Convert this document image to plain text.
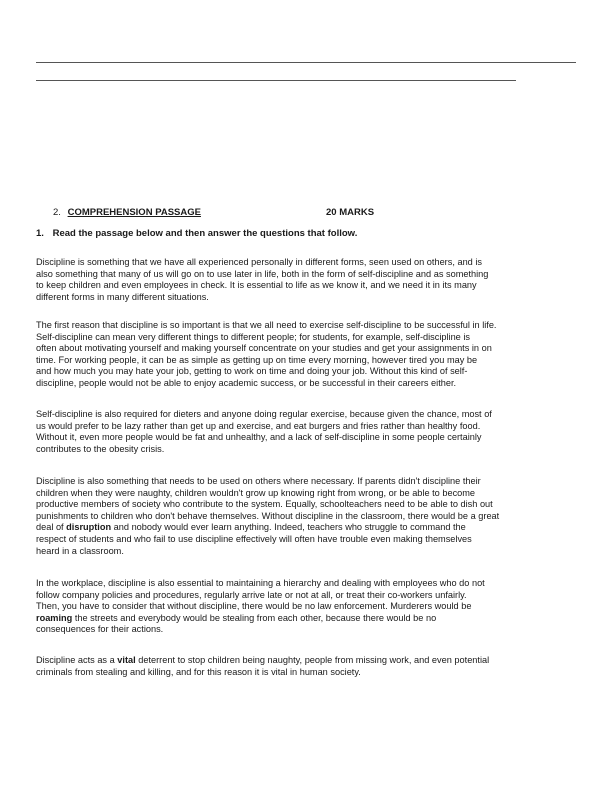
2. COMPREHENSION PASSAGE	20 MARKS
1. Read the passage below and then answer the questions that follow.
Discipline is something that we have all experienced personally in different forms, seen used on others, and is
also something that many of us will go on to use later in life, both in the form of self-discipline and as something
to keep children and even employees in check. It is essential to life as we know it, and we need it in its many
different forms in many different situations.
The first reason that discipline is so important is that we all need to exercise self-discipline to be successful in life.
Self-discipline can mean very different things to different people; for students, for example, self-discipline is
often about motivating yourself and making yourself concentrate on your studies and get your assignments in on
time. For working people, it can be as simple as getting up on time every morning, however tired you may be
and how much you may hate your job, getting to work on time and doing your job. Without this kind of self-
discipline, people would not be able to enjoy academic success, or be successful in their careers either.
Self-discipline is also required for dieters and anyone doing regular exercise, because given the chance, most of
us would prefer to be lazy rather than get up and exercise, and eat burgers and fries rather than healthy food.
Without it, even more people would be fat and unhealthy, and a lack of self-discipline in some people certainly
contributes to the obesity crisis.
Discipline is also something that needs to be used on others where necessary. If parents didn't discipline their
children when they were naughty, children wouldn't grow up knowing right from wrong, or be able to become
productive members of society who contribute to the system. Equally, schoolteachers need to be able to dish out
punishments to children who don't behave themselves. Without discipline in the classroom, there would be a great
deal of disruption and nobody would ever learn anything. Indeed, teachers who struggle to command the
respect of students and who fail to use discipline effectively will often have trouble even making themselves
heard in a classroom.
In the workplace, discipline is also essential to maintaining a hierarchy and dealing with employees who do not
follow company policies and procedures, regularly arrive late or not at all, or treat their co-workers unfairly.
Then, you have to consider that without discipline, there would be no law enforcement. Murderers would be
roaming the streets and everybody would be stealing from each other, because there would be no
consequences for their actions.
Discipline acts as a vital deterrent to stop children being naughty, people from missing work, and even potential
criminals from stealing and killing, and for this reason it is vital in human society.
